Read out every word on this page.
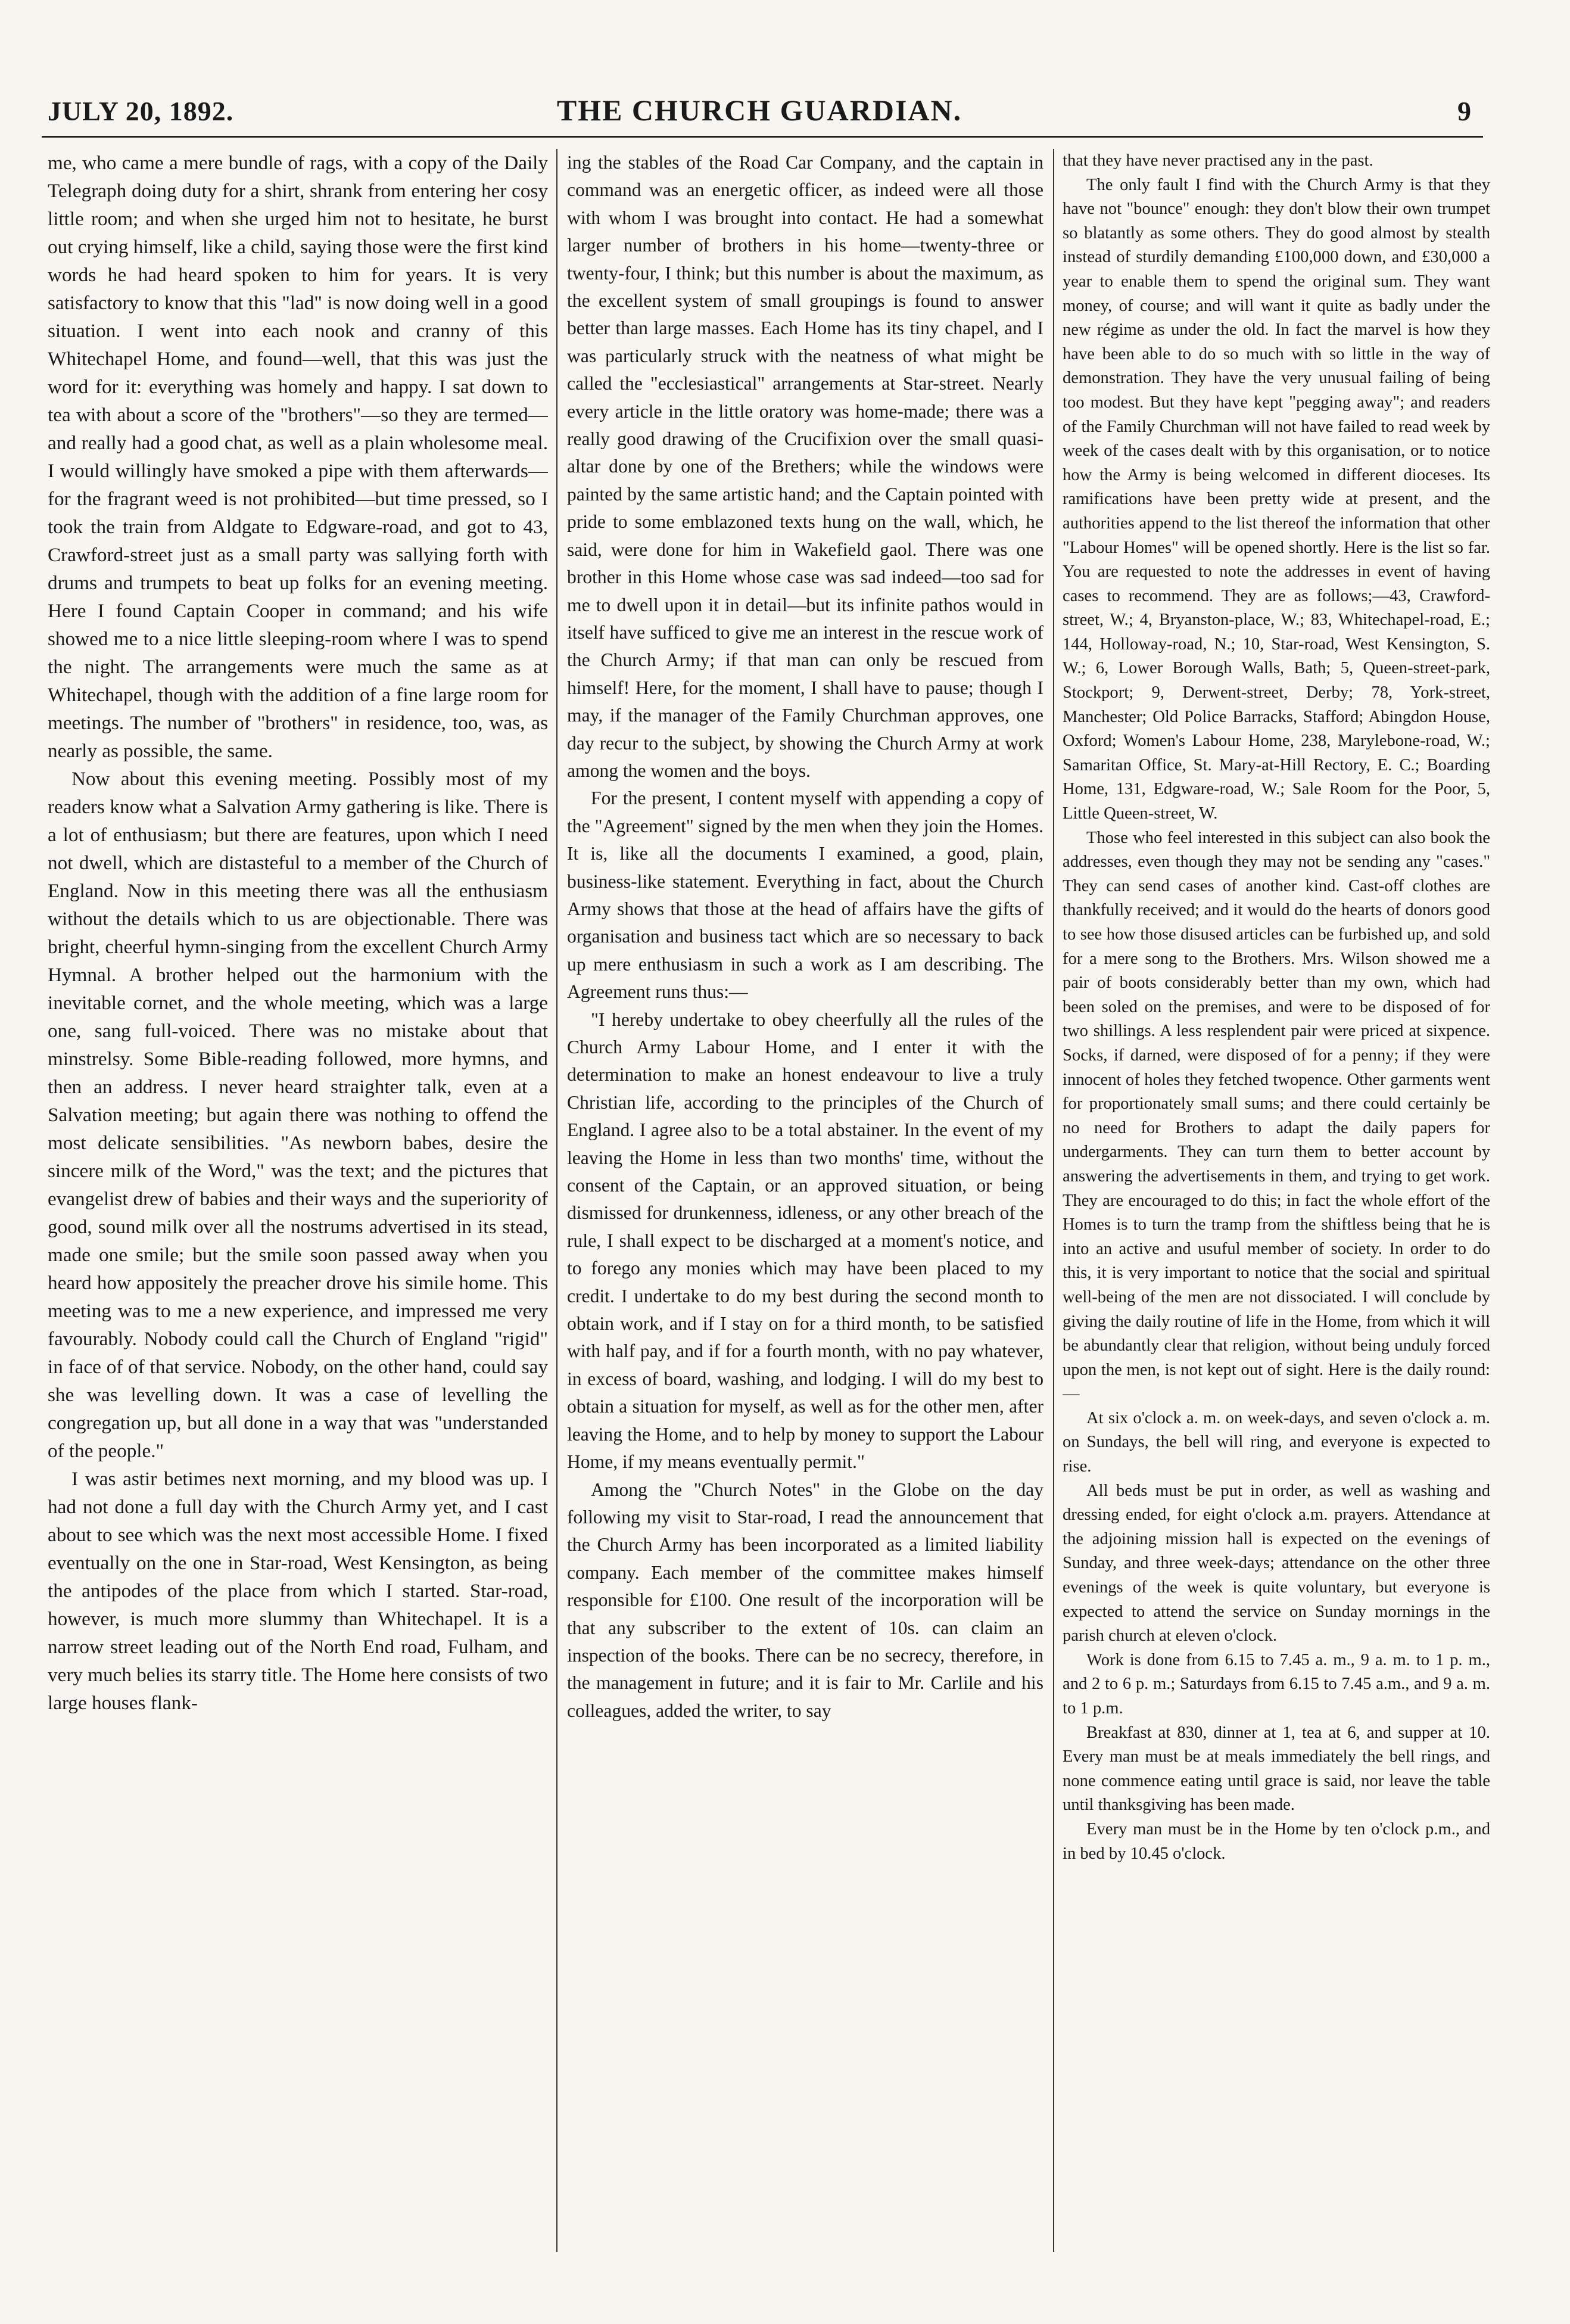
JULY 20, 1892.	THE CHURCH GUARDIAN.	9

me, who came a mere bundle of rags, with a copy of the Daily Telegraph doing duty for a shirt, shrank from entering her cosy little room; and when she urged him not to hesitate, he burst out crying himself, like a child, saying those were the first kind words he had heard spoken to him for years. It is very satisfactory to know that this "lad" is now doing well in a good situation. I went into each nook and cranny of this Whitechapel Home, and found—well, that this was just the word for it: everything was homely and happy. I sat down to tea with about a score of the "brothers"—so they are termed—and really had a good chat, as well as a plain wholesome meal. I would willingly have smoked a pipe with them afterwards—for the fragrant weed is not prohibited—but time pressed, so I took the train from Aldgate to Edgware-road, and got to 43, Crawford-street just as a small party was sallying forth with drums and trumpets to beat up folks for an evening meeting. Here I found Captain Cooper in command; and his wife showed me to a nice little sleeping-room where I was to spend the night. The arrangements were much the same as at Whitechapel, though with the addition of a fine large room for meetings. The number of "brothers" in residence, too, was, as nearly as possible, the same.

Now about this evening meeting. Possibly most of my readers know what a Salvation Army gathering is like. There is a lot of enthusiasm; but there are features, upon which I need not dwell, which are distasteful to a member of the Church of England. Now in this meeting there was all the enthusiasm without the details which to us are objectionable. There was bright, cheerful hymn-singing from the excellent Church Army Hymnal. A brother helped out the harmonium with the inevitable cornet, and the whole meeting, which was a large one, sang full-voiced. There was no mistake about that minstrelsy. Some Bible-reading followed, more hymns, and then an address. I never heard straighter talk, even at a Salvation meeting; but again there was nothing to offend the most delicate sensibilities. "As newborn babes, desire the sincere milk of the Word," was the text; and the pictures that evangelist drew of babies and their ways and the superiority of good, sound milk over all the nostrums advertised in its stead, made one smile; but the smile soon passed away when you heard how appositely the preacher drove his simile home. This meeting was to me a new experience, and impressed me very favourably. Nobody could call the Church of England "rigid" in face of of that service. Nobody, on the other hand, could say she was levelling down. It was a case of levelling the congregation up, but all done in a way that was "understanded of the people."

I was astir betimes next morning, and my blood was up. I had not done a full day with the Church Army yet, and I cast about to see which was the next most accessible Home. I fixed eventually on the one in Star-road, West Kensington, as being the antipodes of the place from which I started. Star-road, however, is much more slummy than Whitechapel. It is a narrow street leading out of the North End road, Fulham, and very much belies its starry title. The Home here consists of two large houses flank-

ing the stables of the Road Car Company, and the captain in command was an energetic officer, as indeed were all those with whom I was brought into contact. He had a somewhat larger number of brothers in his home—twenty-three or twenty-four, I think; but this number is about the maximum, as the excellent system of small groupings is found to answer better than large masses. Each Home has its tiny chapel, and I was particularly struck with the neatness of what might be called the "ecclesiastical" arrangements at Star-street. Nearly every article in the little oratory was home-made; there was a really good drawing of the Crucifixion over the small quasi-altar done by one of the Brethers; while the windows were painted by the same artistic hand; and the Captain pointed with pride to some emblazoned texts hung on the wall, which, he said, were done for him in Wakefield gaol. There was one brother in this Home whose case was sad indeed—too sad for me to dwell upon it in detail—but its infinite pathos would in itself have sufficed to give me an interest in the rescue work of the Church Army; if that man can only be rescued from himself! Here, for the moment, I shall have to pause; though I may, if the manager of the Family Churchman approves, one day recur to the subject, by showing the Church Army at work among the women and the boys.

For the present, I content myself with appending a copy of the "Agreement" signed by the men when they join the Homes. It is, like all the documents I examined, a good, plain, business-like statement. Everything in fact, about the Church Army shows that those at the head of affairs have the gifts of organisation and business tact which are so necessary to back up mere enthusiasm in such a work as I am describing. The Agreement runs thus:—

"I hereby undertake to obey cheerfully all the rules of the Church Army Labour Home, and I enter it with the determination to make an honest endeavour to live a truly Christian life, according to the principles of the Church of England. I agree also to be a total abstainer. In the event of my leaving the Home in less than two months' time, without the consent of the Captain, or an approved situation, or being dismissed for drunkenness, idleness, or any other breach of the rule, I shall expect to be discharged at a moment's notice, and to forego any monies which may have been placed to my credit. I undertake to do my best during the second month to obtain work, and if I stay on for a third month, to be satisfied with half pay, and if for a fourth month, with no pay whatever, in excess of board, washing, and lodging. I will do my best to obtain a situation for myself, as well as for the other men, after leaving the Home, and to help by money to support the Labour Home, if my means eventually permit."

Among the "Church Notes" in the Globe on the day following my visit to Star-road, I read the announcement that the Church Army has been incorporated as a limited liability company. Each member of the committee makes himself responsible for £100. One result of the incorporation will be that any subscriber to the extent of 10s. can claim an inspection of the books. There can be no secrecy, therefore, in the management in future; and it is fair to Mr. Carlile and his colleagues, added the writer, to say

that they have never practised any in the past.

The only fault I find with the Church Army is that they have not "bounce" enough: they don't blow their own trumpet so blatantly as some others. They do good almost by stealth instead of sturdily demanding £100,000 down, and £30,000 a year to enable them to spend the original sum. They want money, of course; and will want it quite as badly under the new régime as under the old. In fact the marvel is how they have been able to do so much with so little in the way of demonstration. They have the very unusual failing of being too modest. But they have kept "pegging away"; and readers of the Family Churchman will not have failed to read week by week of the cases dealt with by this organisation, or to notice how the Army is being welcomed in different dioceses. Its ramifications have been pretty wide at present, and the authorities append to the list thereof the information that other "Labour Homes" will be opened shortly. Here is the list so far. You are requested to note the addresses in event of having cases to recommend. They are as follows;—43, Crawford-street, W.; 4, Bryanston-place, W.; 83, Whitechapel-road, E.; 144, Holloway-road, N.; 10, Star-road, West Kensington, S. W.; 6, Lower Borough Walls, Bath; 5, Queen-street-park, Stockport; 9, Derwent-street, Derby; 78, York-street, Manchester; Old Police Barracks, Stafford; Abingdon House, Oxford; Women's Labour Home, 238, Marylebone-road, W.; Samaritan Office, St. Mary-at-Hill Rectory, E. C.; Boarding Home, 131, Edgware-road, W.; Sale Room for the Poor, 5, Little Queen-street, W.

Those who feel interested in this subject can also book the addresses, even though they may not be sending any "cases." They can send cases of another kind. Cast-off clothes are thankfully received; and it would do the hearts of donors good to see how those disused articles can be furbished up, and sold for a mere song to the Brothers. Mrs. Wilson showed me a pair of boots considerably better than my own, which had been soled on the premises, and were to be disposed of for two shillings. A less resplendent pair were priced at sixpence. Socks, if darned, were disposed of for a penny; if they were innocent of holes they fetched twopence. Other garments went for proportionately small sums; and there could certainly be no need for Brothers to adapt the daily papers for undergarments. They can turn them to better account by answering the advertisements in them, and trying to get work. They are encouraged to do this; in fact the whole effort of the Homes is to turn the tramp from the shiftless being that he is into an active and usuful member of society. In order to do this, it is very important to notice that the social and spiritual well-being of the men are not dissociated. I will conclude by giving the daily routine of life in the Home, from which it will be abundantly clear that religion, without being unduly forced upon the men, is not kept out of sight. Here is the daily round:—

At six o'clock a. m. on week-days, and seven o'clock a. m. on Sundays, the bell will ring, and everyone is expected to rise.

All beds must be put in order, as well as washing and dressing ended, for eight o'clock a.m. prayers. Attendance at the adjoining mission hall is expected on the evenings of Sunday, and three week-days; attendance on the other three evenings of the week is quite voluntary, but everyone is expected to attend the service on Sunday mornings in the parish church at eleven o'clock.

Work is done from 6.15 to 7.45 a. m., 9 a. m. to 1 p. m., and 2 to 6 p. m.; Saturdays from 6.15 to 7.45 a.m., and 9 a. m. to 1 p.m.

Breakfast at 830, dinner at 1, tea at 6, and supper at 10. Every man must be at meals immediately the bell rings, and none commence eating until grace is said, nor leave the table until thanksgiving has been made.

Every man must be in the Home by ten o'clock p.m., and in bed by 10.45 o'clock.
